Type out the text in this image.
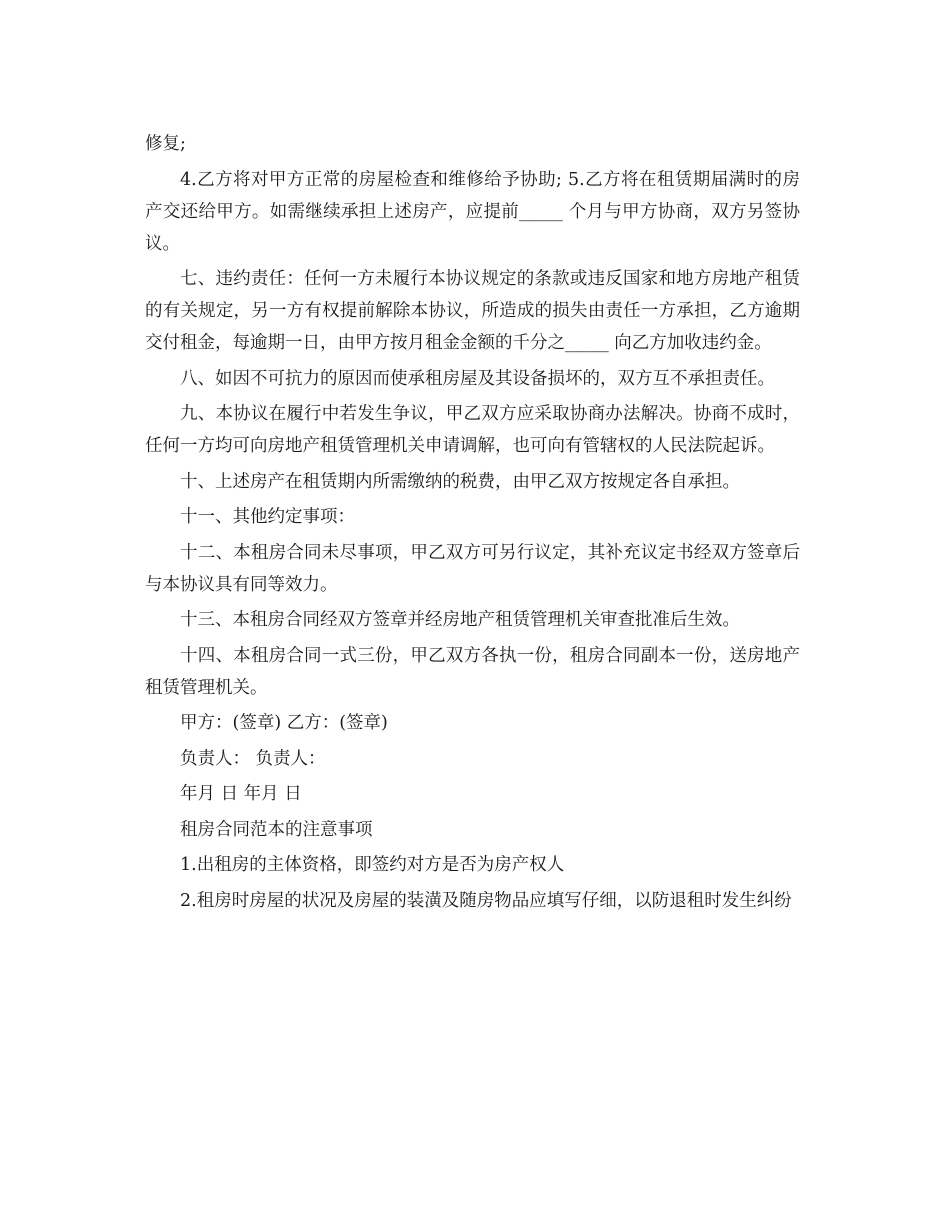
修复;

4.乙方将对甲方正常的房屋检查和维修给予协助; 5.乙方将在租赁期届满时的房产交还给甲方。如需继续承担上述房产，应提前_____ 个月与甲方协商，双方另签协议。

七、违约责任：任何一方未履行本协议规定的条款或违反国家和地方房地产租赁的有关规定，另一方有权提前解除本协议，所造成的损失由责任一方承担，乙方逾期交付租金，每逾期一日，由甲方按月租金金额的千分之_____ 向乙方加收违约金。

八、如因不可抗力的原因而使承租房屋及其设备损坏的，双方互不承担责任。

九、本协议在履行中若发生争议，甲乙双方应采取协商办法解决。协商不成时，任何一方均可向房地产租赁管理机关申请调解，也可向有管辖权的人民法院起诉。

十、上述房产在租赁期内所需缴纳的税费，由甲乙双方按规定各自承担。

十一、其他约定事项：

十二、本租房合同未尽事项，甲乙双方可另行议定，其补充议定书经双方签章后与本协议具有同等效力。

十三、本租房合同经双方签章并经房地产租赁管理机关审查批准后生效。

十四、本租房合同一式三份，甲乙双方各执一份，租房合同副本一份，送房地产租赁管理机关。

甲方：(签章) 乙方：(签章)

负责人： 负责人：

年月 日 年月 日

租房合同范本的注意事项

1.出租房的主体资格，即签约对方是否为房产权人

2.租房时房屋的状况及房屋的装潢及随房物品应填写仔细，以防退租时发生纠纷
